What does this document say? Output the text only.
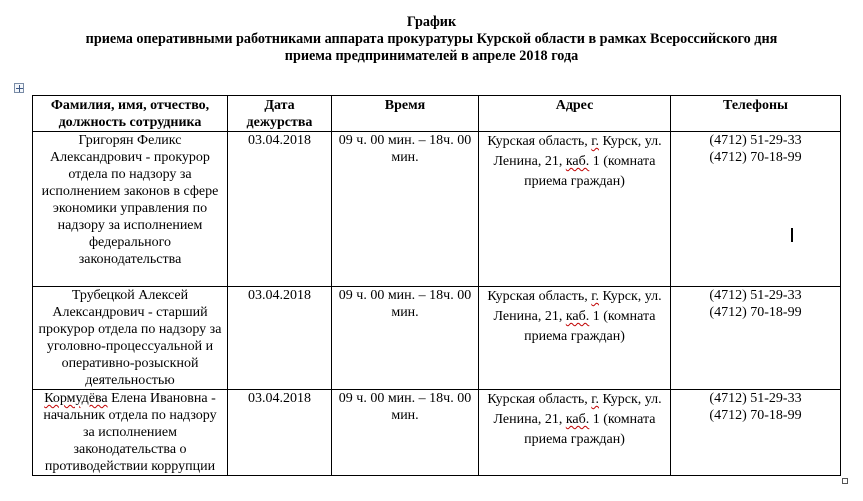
График
приема оперативными работниками аппарата прокуратуры Курской области в рамках Всероссийского дня
приема предпринимателей в апреле 2018 года
Фамилия, имя, отчество, должность сотрудника	Дата дежурства	Время	Адрес	Телефоны
Григорян Феликс Александрович - прокурор отдела по надзору за исполнением законов в сфере экономики управления по надзору за исполнением федерального законодательства	03.04.2018	09 ч. 00 мин. – 18ч. 00 мин.	Курская область, г. Курск, ул. Ленина, 21, каб. 1 (комната приема граждан)	(4712) 51-29-33
(4712) 70-18-99

Трубецкой Алексей Александрович - старший прокурор отдела по надзору за уголовно-процессуальной и оперативно-розыскной деятельностью	03.04.2018	09 ч. 00 мин. – 18ч. 00 мин.	Курская область, г. Курск, ул. Ленина, 21, каб. 1 (комната приема граждан)	(4712) 51-29-33
(4712) 70-18-99

Кормудёва Елена Ивановна - начальник отдела по надзору за исполнением законодательства о противодействии коррупции	03.04.2018	09 ч. 00 мин. – 18ч. 00 мин.	Курская область, г. Курск, ул. Ленина, 21, каб. 1 (комната приема граждан)	(4712) 51-29-33
(4712) 70-18-99
